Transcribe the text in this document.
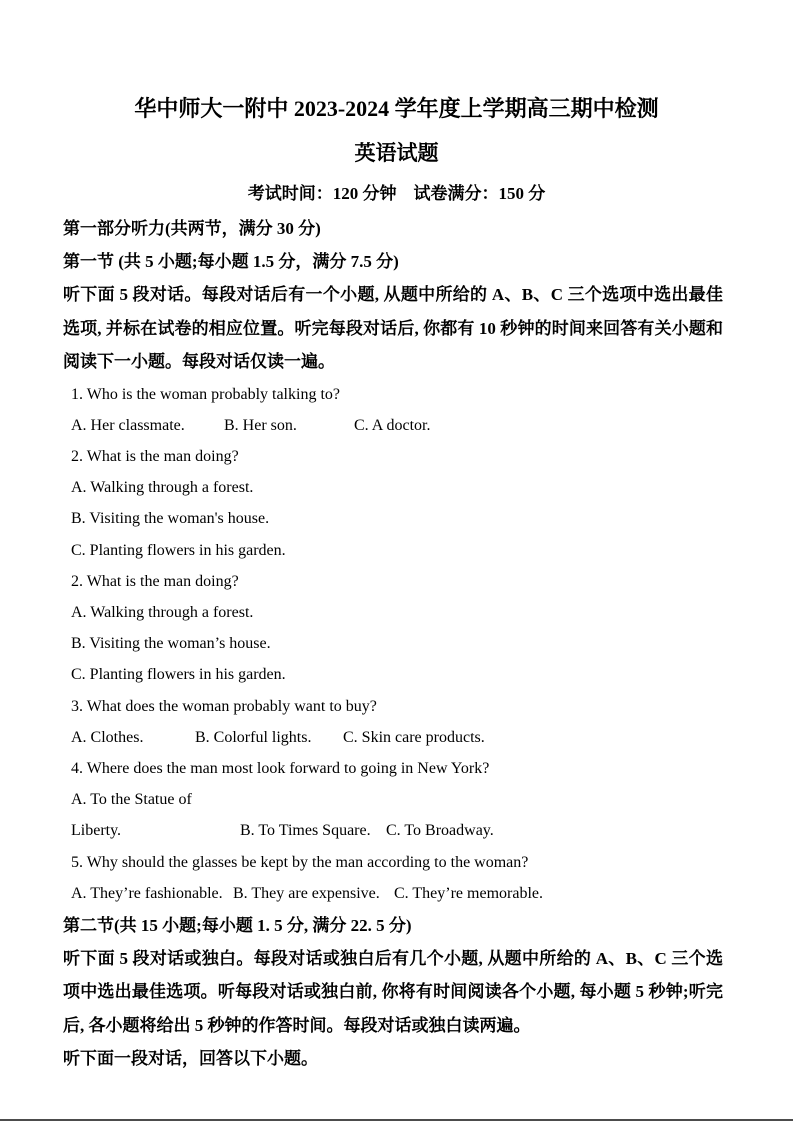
华中师大一附中 2023-2024 学年度上学期高三期中检测
英语试题

考试时间：120 分钟　试卷满分：150 分

第一部分听力(共两节，满分 30 分)

第一节 (共 5 小题;每小题 1.5 分，满分 7.5 分)

听下面 5 段对话。每段对话后有一个小题, 从题中所给的 A、B、C 三个选项中选出最佳选项, 并标在试卷的相应位置。听完每段对话后, 你都有 10 秒钟的时间来回答有关小题和阅读下一小题。每段对话仅读一遍。

1. Who is the woman probably talking to?

A. Her classmate. B. Her son.	C. A doctor.

2. What is the man doing?

A. Walking through a forest.

B. Visiting the woman's house.

C. Planting flowers in his garden.

2. What is the man doing?

A. Walking through a forest.

B. Visiting the woman’s house.

C. Planting flowers in his garden.

3. What does the woman probably want to buy?

A. Clothes.	B. Colorful lights. C. Skin care products.

4. Where does the man most look forward to going in New York?

A. To the Statue of Liberty.	B. To Times Square. C. To Broadway.

5. Why should the glasses be kept by the man according to the woman?

A. They’re fashionable. B. They are expensive. C. They’re memorable.

第二节(共 15 小题;每小题 1. 5 分, 满分 22. 5 分)

听下面 5 段对话或独白。每段对话或独白后有几个小题, 从题中所给的 A、B、C 三个选项中选出最佳选项。听每段对话或独白前, 你将有时间阅读各个小题, 每小题 5 秒钟;听完后, 各小题将给出 5 秒钟的作答时间。每段对话或独白读两遍。

听下面一段对话，回答以下小题。
